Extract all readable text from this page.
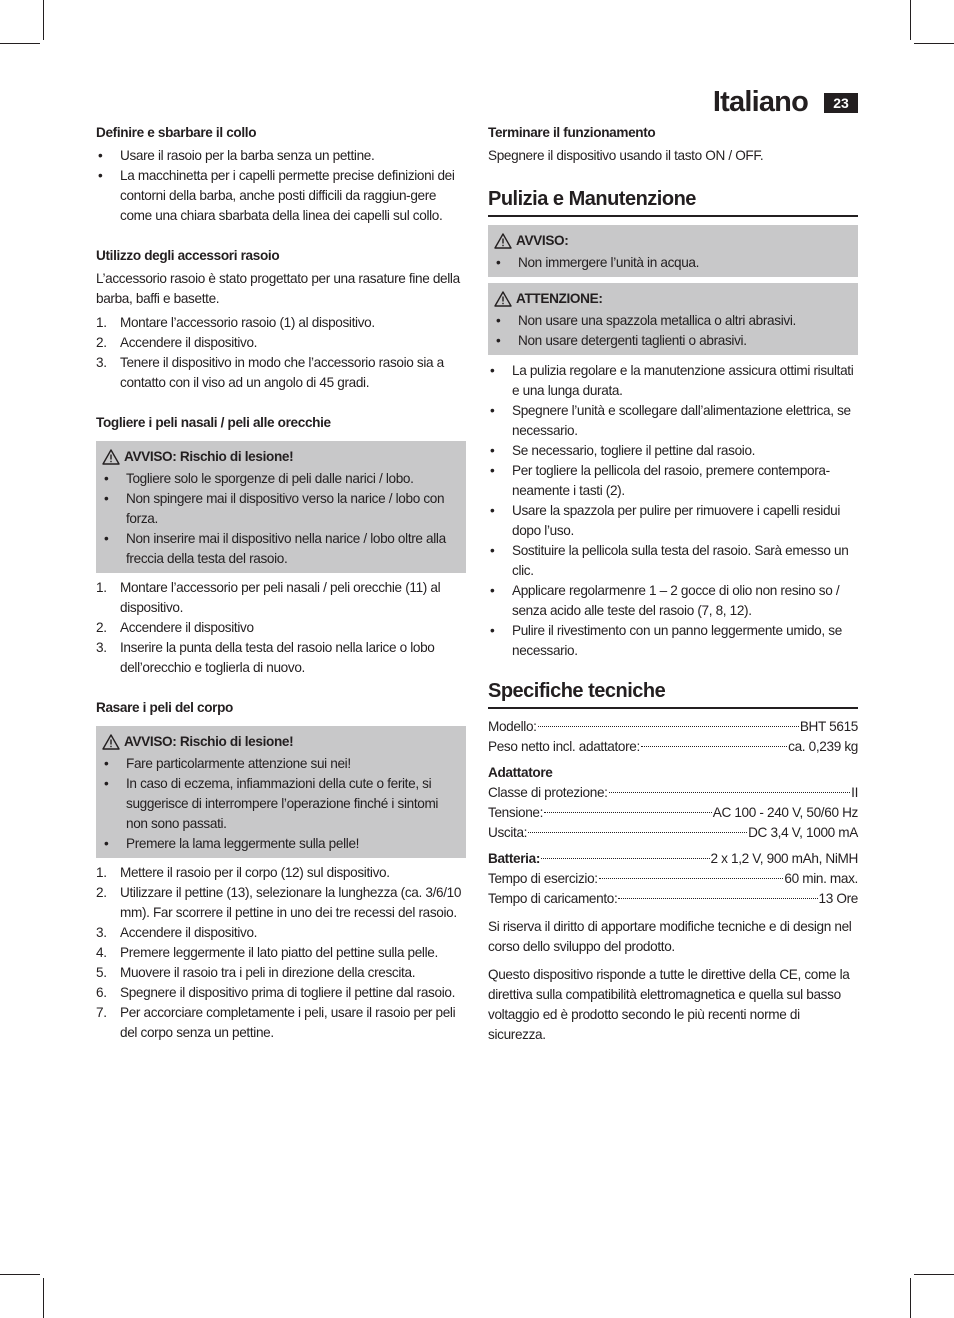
Italiano	23
Definire e sbarbare il collo
• Usare il rasoio per la barba senza un pettine.
• La macchinetta per i capelli permette precise definizioni dei contorni della barba, anche posti difficili da raggiun-gere come una chiara sbarbata della linea dei capelli sul collo.
Utilizzo degli accessori rasoio

L’accessorio rasoio è stato progettato per una rasature fine della barba, baffi e basette.

1. Montare l’accessorio rasoio (1) al dispositivo.
2. Accendere il dispositivo.
3. Tenere il dispositivo in modo che l’accessorio rasoio sia a contatto con il viso ad un angolo di 45 gradi.
Togliere i peli nasali / peli alle orecchie
AVVISO: Rischio di lesione!
• Togliere solo le sporgenze di peli dalle narici / lobo.
• Non spingere mai il dispositivo verso la narice / lobo con forza.
• Non inserire mai il dispositivo nella narice / lobo oltre alla freccia della testa del rasoio.
1. Montare l’accessorio per peli nasali / peli orecchie (11) al dispositivo.
2. Accendere il dispositivo
3. Inserire la punta della testa del rasoio nella larice o lobo dell’orecchio e toglierla di nuovo.
Rasare i peli del corpo
AVVISO: Rischio di lesione!
• Fare particolarmente attenzione sui nei!
• In caso di eczema, infiammazioni della cute o ferite, si suggerisce di interrompere l’operazione finché i sintomi non sono passati.
• Premere la lama leggermente sulla pelle!
1. Mettere il rasoio per il corpo (12) sul dispositivo.
2. Utilizzare il pettine (13), selezionare la lunghezza (ca. 3/6/10 mm). Far scorrere il pettine in uno dei tre recessi del rasoio.
3. Accendere il dispositivo.
4. Premere leggermente il lato piatto del pettine sulla pelle.
5. Muovere il rasoio tra i peli in direzione della crescita.
6. Spegnere il dispositivo prima di togliere il pettine dal rasoio.
7. Per accorciare completamente i peli, usare il rasoio per peli del corpo senza un pettine.
Terminare il funzionamento

Spegnere il dispositivo usando il tasto ON / OFF.

Pulizia e Manutenzione
AVVISO:
• Non immergere l’unità in acqua.
ATTENZIONE:
• Non usare una spazzola metallica o altri abrasivi.
• Non usare detergenti taglienti o abrasivi.
• La pulizia regolare e la manutenzione assicura ottimi risultati e una lunga durata.
• Spegnere l’unità e scollegare dall’alimentazione elettrica, se necessario.
• Se necessario, togliere il pettine dal rasoio.
• Per togliere la pellicola del rasoio, premere contempora-neamente i tasti (2).
• Usare la spazzola per pulire per rimuovere i capelli residui dopo l’uso.
• Sostituire la pellicola sulla testa del rasoio. Sarà emesso un clic.
• Applicare regolarmenre 1 – 2 gocce di olio non resino so / senza acido alle teste del rasoio (7, 8, 12).
• Pulire il rivestimento con un panno leggermente umido, se necessario.
Specifiche tecniche
Modello:	BHT 5615
Peso netto incl. adattatore:	ca. 0,239 kg
Adattatore
Classe di protezione:	II
Tensione:	AC 100 - 240 V, 50/60 Hz
Uscita:	DC 3,4 V, 1000 mA
Batteria:	2 x 1,2 V, 900 mAh, NiMH
Tempo di esercizio:	60 min. max.
Tempo di caricamento:	13 Ore

Si riserva il diritto di apportare modifiche tecniche e di design nel corso dello sviluppo del prodotto.

Questo dispositivo risponde a tutte le direttive della CE, come la direttiva sulla compatibilità elettromagnetica e quella sul basso voltaggio ed è prodotto secondo le più recenti norme di sicurezza.
